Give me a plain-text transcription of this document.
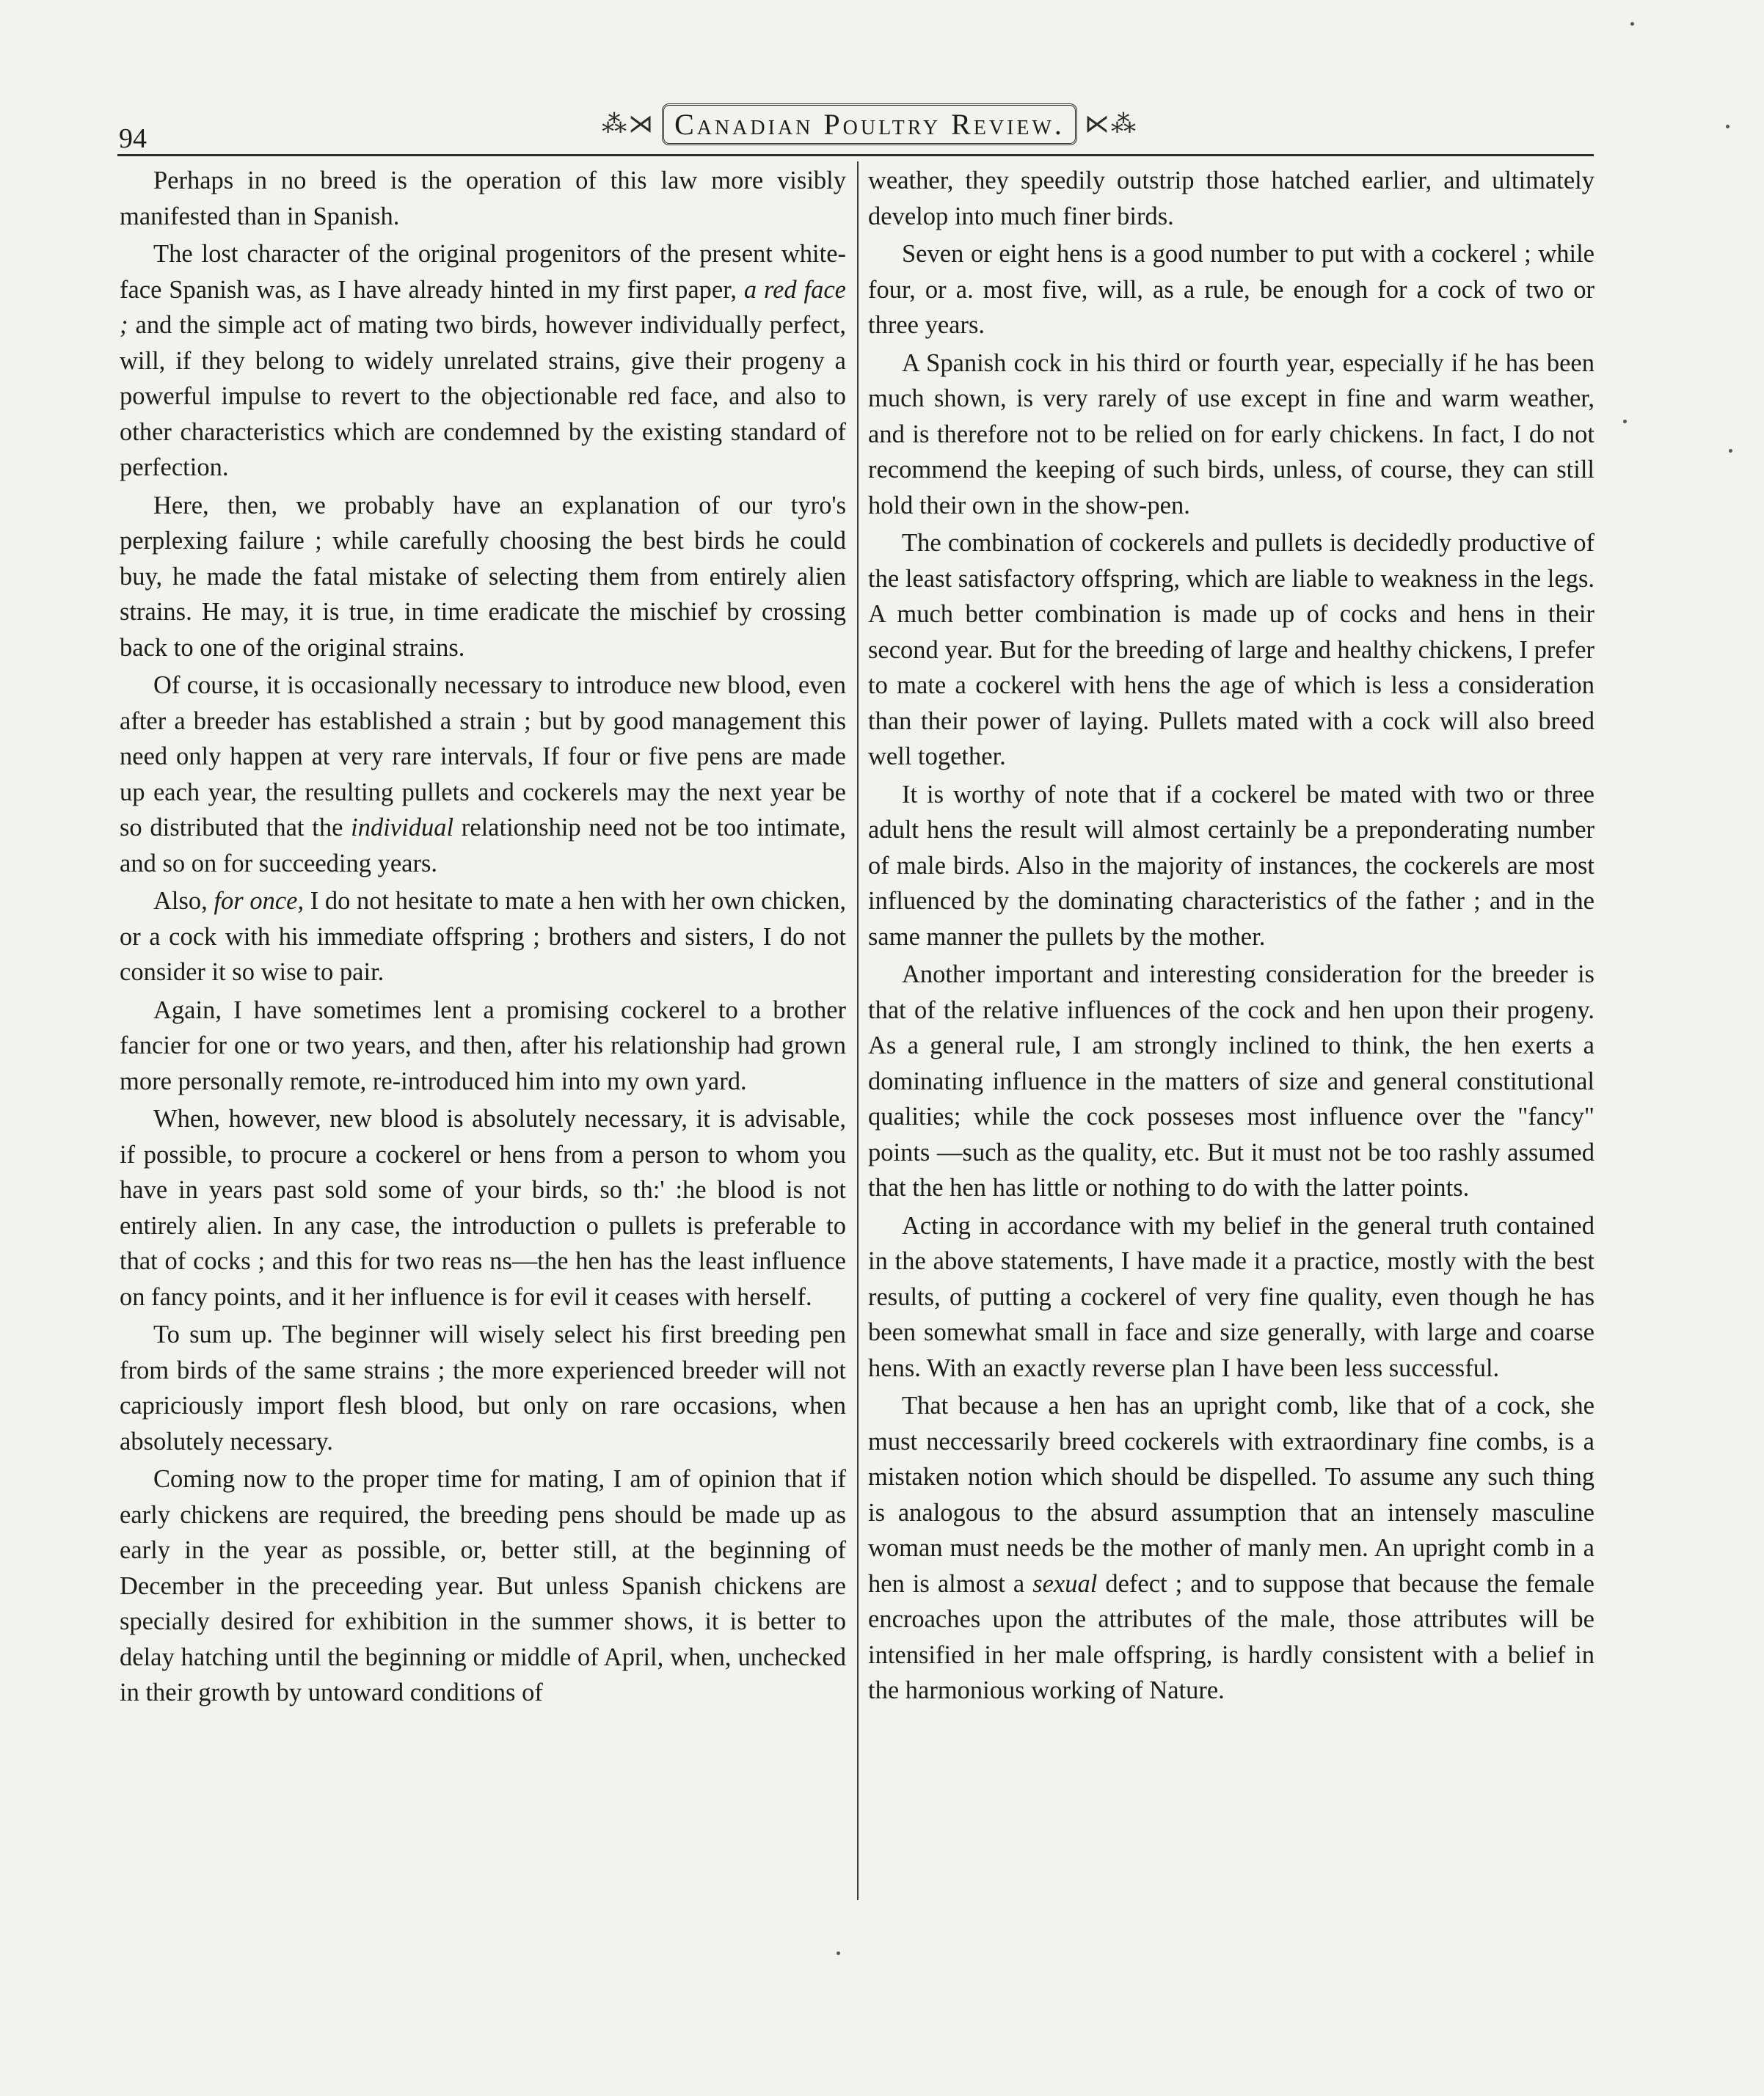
94	⁂⋊ Canadian Poultry Review. ⋉⁂

Perhaps in no breed is the operation of this law more visibly manifested than in Spanish.

The lost character of the original progenitors of the present white-face Spanish was, as I have already hinted in my first paper, a red face ; and the simple act of mating two birds, however individually perfect, will, if they belong to widely unrelated strains, give their progeny a powerful impulse to revert to the objectionable red face, and also to other characteristics which are condemned by the existing standard of perfection.

Here, then, we probably have an explanation of our tyro's perplexing failure ; while carefully choosing the best birds he could buy, he made the fatal mistake of selecting them from entirely alien strains. He may, it is true, in time eradicate the mischief by crossing back to one of the original strains.

Of course, it is occasionally necessary to introduce new blood, even after a breeder has established a strain ; but by good management this need only happen at very rare intervals, If four or five pens are made up each year, the resulting pullets and cockerels may the next year be so distributed that the individual relationship need not be too intimate, and so on for succeeding years.

Also, for once, I do not hesitate to mate a hen with her own chicken, or a cock with his immediate offspring ; brothers and sisters, I do not consider it so wise to pair.

Again, I have sometimes lent a promising cockerel to a brother fancier for one or two years, and then, after his relationship had grown more personally remote, re-introduced him into my own yard.

When, however, new blood is absolutely necessary, it is advisable, if possible, to procure a cockerel or hens from a person to whom you have in years past sold some of your birds, so th:' :he blood is not entirely alien. In any case, the introduction o pullets is preferable to that of cocks ; and this for two reas ns—the hen has the least influence on fancy points, and it her influence is for evil it ceases with herself.

To sum up. The beginner will wisely select his first breeding pen from birds of the same strains ; the more experienced breeder will not capriciously import flesh blood, but only on rare occasions, when absolutely necessary.

Coming now to the proper time for mating, I am of opinion that if early chickens are required, the breeding pens should be made up as early in the year as possible, or, better still, at the beginning of December in the preceeding year. But unless Spanish chickens are specially desired for exhibition in the summer shows, it is better to delay hatching until the beginning or middle of April, when, unchecked in their growth by untoward conditions of

weather, they speedily outstrip those hatched earlier, and ultimately develop into much finer birds.

Seven or eight hens is a good number to put with a cockerel ; while four, or a. most five, will, as a rule, be enough for a cock of two or three years.

A Spanish cock in his third or fourth year, especially if he has been much shown, is very rarely of use except in fine and warm weather, and is therefore not to be relied on for early chickens. In fact, I do not recommend the keeping of such birds, unless, of course, they can still hold their own in the show-pen.

The combination of cockerels and pullets is decidedly productive of the least satisfactory offspring, which are liable to weakness in the legs. A much better combination is made up of cocks and hens in their second year. But for the breeding of large and healthy chickens, I prefer to mate a cockerel with hens the age of which is less a consideration than their power of laying. Pullets mated with a cock will also breed well together.

It is worthy of note that if a cockerel be mated with two or three adult hens the result will almost certainly be a preponderating number of male birds. Also in the majority of instances, the cockerels are most influenced by the dominating characteristics of the father ; and in the same manner the pullets by the mother.

Another important and interesting consideration for the breeder is that of the relative influences of the cock and hen upon their progeny. As a general rule, I am strongly inclined to think, the hen exerts a dominating influence in the matters of size and general constitutional qualities; while the cock posseses most influence over the "fancy" points —such as the quality, etc. But it must not be too rashly assumed that the hen has little or nothing to do with the latter points.

Acting in accordance with my belief in the general truth contained in the above statements, I have made it a practice, mostly with the best results, of putting a cockerel of very fine quality, even though he has been somewhat small in face and size generally, with large and coarse hens. With an exactly reverse plan I have been less successful.

That because a hen has an upright comb, like that of a cock, she must neccessarily breed cockerels with extraordinary fine combs, is a mistaken notion which should be dispelled. To assume any such thing is analogous to the absurd assumption that an intensely masculine woman must needs be the mother of manly men. An upright comb in a hen is almost a sexual defect ; and to suppose that because the female encroaches upon the attributes of the male, those attributes will be intensified in her male offspring, is hardly consistent with a belief in the harmonious working of Nature.
